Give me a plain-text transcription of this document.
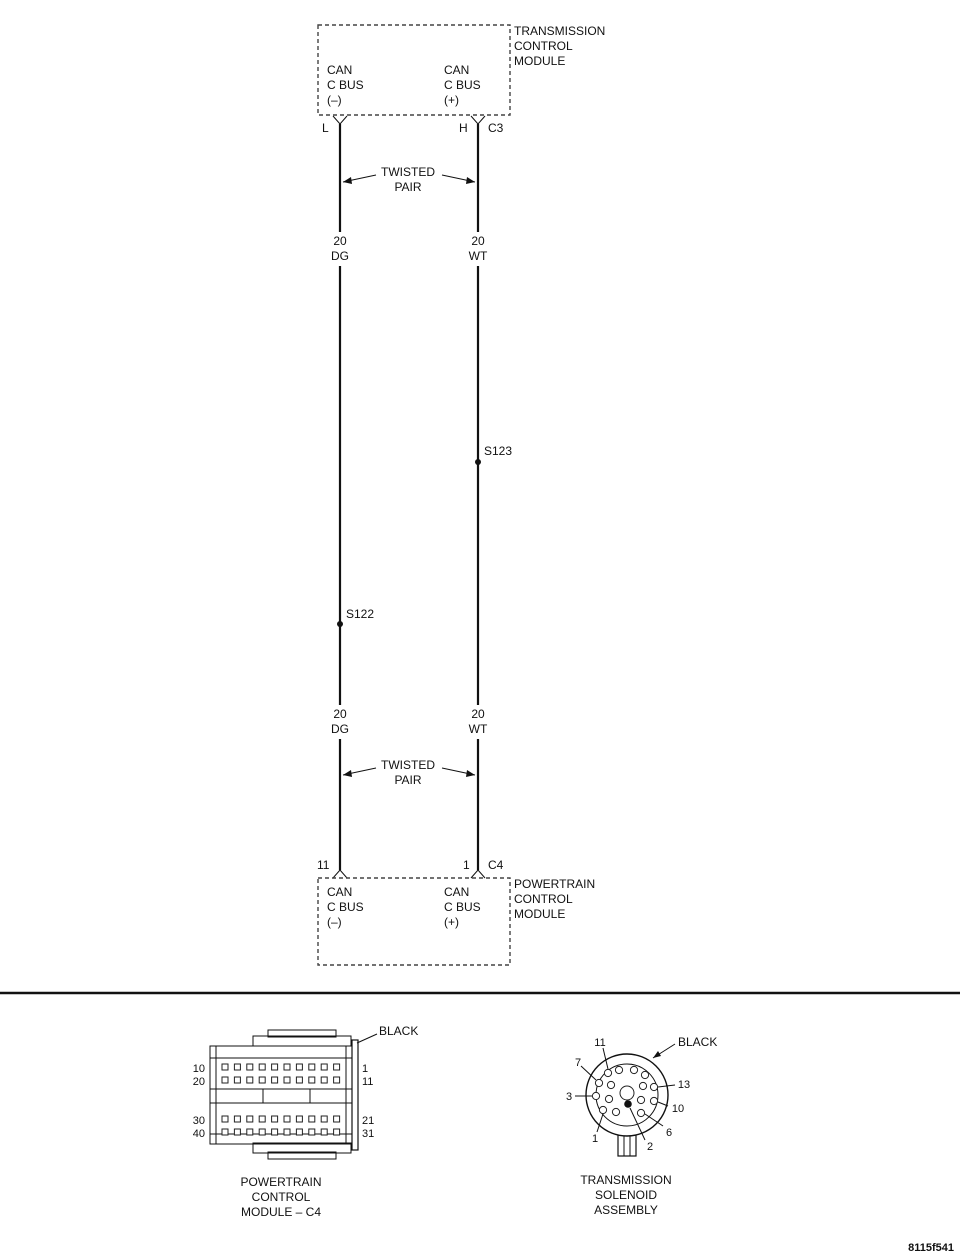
TRANSMISSION
CONTROL
MODULE
CAN
C BUS
(–)
CAN
C BUS
(+)
L	H C3
TWISTED
PAIR
20
DG
20
WT
S123
S122
20
DG
20
WT
TWISTED
PAIR
11	1 C4
CAN
C BUS
(–)
CAN
C BUS
(+)
POWERTRAIN
CONTROL
MODULE
10
20
30
40
1
11
21
31
BLACK
POWERTRAIN
CONTROL
MODULE – C4
11
7
3
1
2
6
10
13
BLACK
TRANSMISSION
SOLENOID
ASSEMBLY
8115f541
